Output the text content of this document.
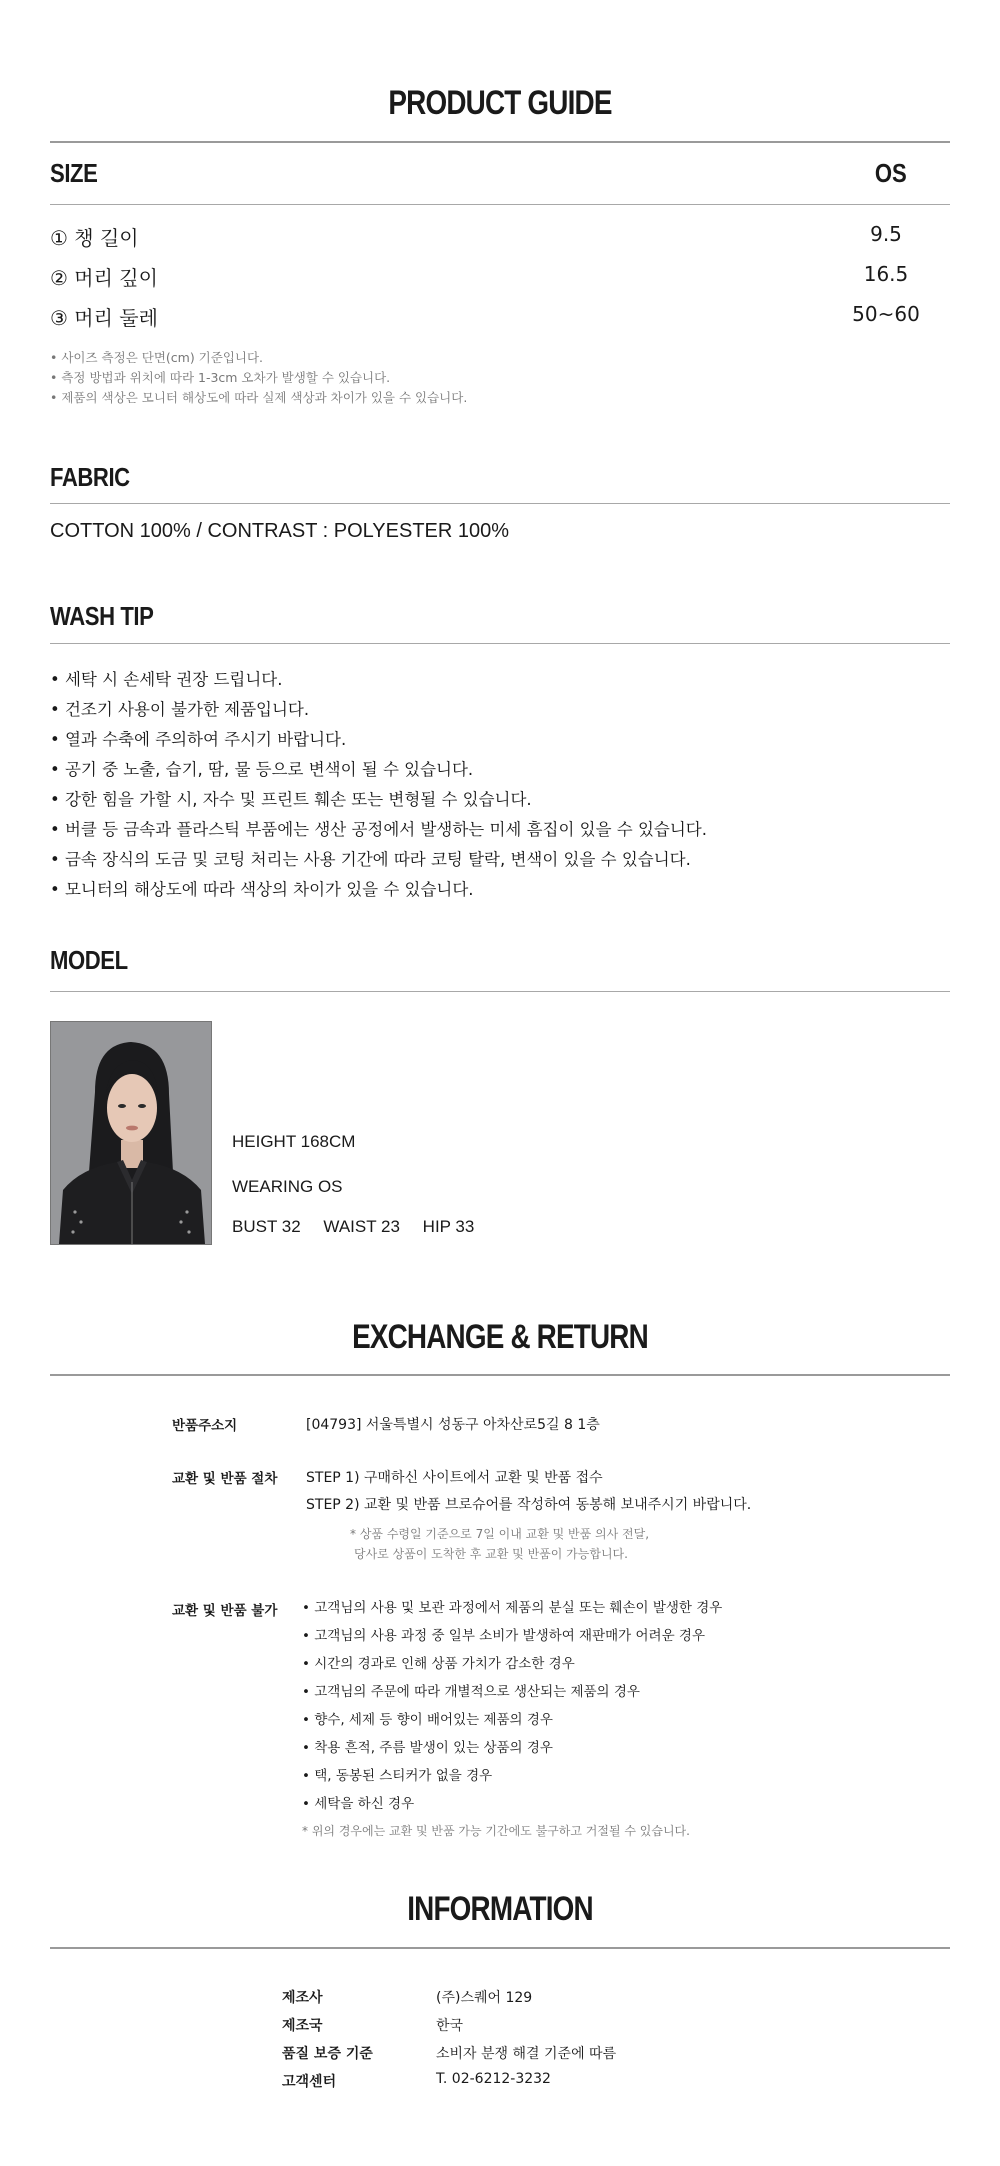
PRODUCT GUIDE
SIZE	OS
① 챙 길이	9.5
② 머리 깊이	16.5
③ 머리 둘레	50~60
• 사이즈 측정은 단면(cm) 기준입니다.
• 측정 방법과 위치에 따라 1-3cm 오차가 발생할 수 있습니다.
• 제품의 색상은 모니터 해상도에 따라 실제 색상과 차이가 있을 수 있습니다.
FABRIC
COTTON 100% / CONTRAST : POLYESTER 100%
WASH TIP
• 세탁 시 손세탁 권장 드립니다.
• 건조기 사용이 불가한 제품입니다.
• 열과 수축에 주의하여 주시기 바랍니다.
• 공기 중 노출, 습기, 땀, 물 등으로 변색이 될 수 있습니다.
• 강한 힘을 가할 시, 자수 및 프린트 훼손 또는 변형될 수 있습니다.
• 버클 등 금속과 플라스틱 부품에는 생산 공정에서 발생하는 미세 흠집이 있을 수 있습니다.
• 금속 장식의 도금 및 코팅 처리는 사용 기간에 따라 코팅 탈락, 변색이 있을 수 있습니다.
• 모니터의 해상도에 따라 색상의 차이가 있을 수 있습니다.
MODEL
HEIGHT 168CM
WEARING OS
BUST 32 WAIST 23 HIP 33
EXCHANGE & RETURN
반품주소지	[04793] 서울특별시 성동구 아차산로5길 8 1층
교환 및 반품 절차 STEP 1) 구매하신 사이트에서 교환 및 반품 접수
STEP 2) 교환 및 반품 브로슈어를 작성하여 동봉해 보내주시기 바랍니다.
* 상품 수령일 기준으로 7일 이내 교환 및 반품 의사 전달,
당사로 상품이 도착한 후 교환 및 반품이 가능합니다.
교환 및 반품 불가 • 고객님의 사용 및 보관 과정에서 제품의 분실 또는 훼손이 발생한 경우
• 고객님의 사용 과정 중 일부 소비가 발생하여 재판매가 어려운 경우
• 시간의 경과로 인해 상품 가치가 감소한 경우
• 고객님의 주문에 따라 개별적으로 생산되는 제품의 경우
• 향수, 세제 등 향이 배어있는 제품의 경우
• 착용 흔적, 주름 발생이 있는 상품의 경우
• 택, 동봉된 스티커가 없을 경우
• 세탁을 하신 경우
* 위의 경우에는 교환 및 반품 가능 기간에도 불구하고 거절될 수 있습니다.
INFORMATION
제조사	(주)스퀘어 129
제조국	한국
품질 보증 기준	소비자 분쟁 해결 기준에 따름
고객센터	T. 02-6212-3232
